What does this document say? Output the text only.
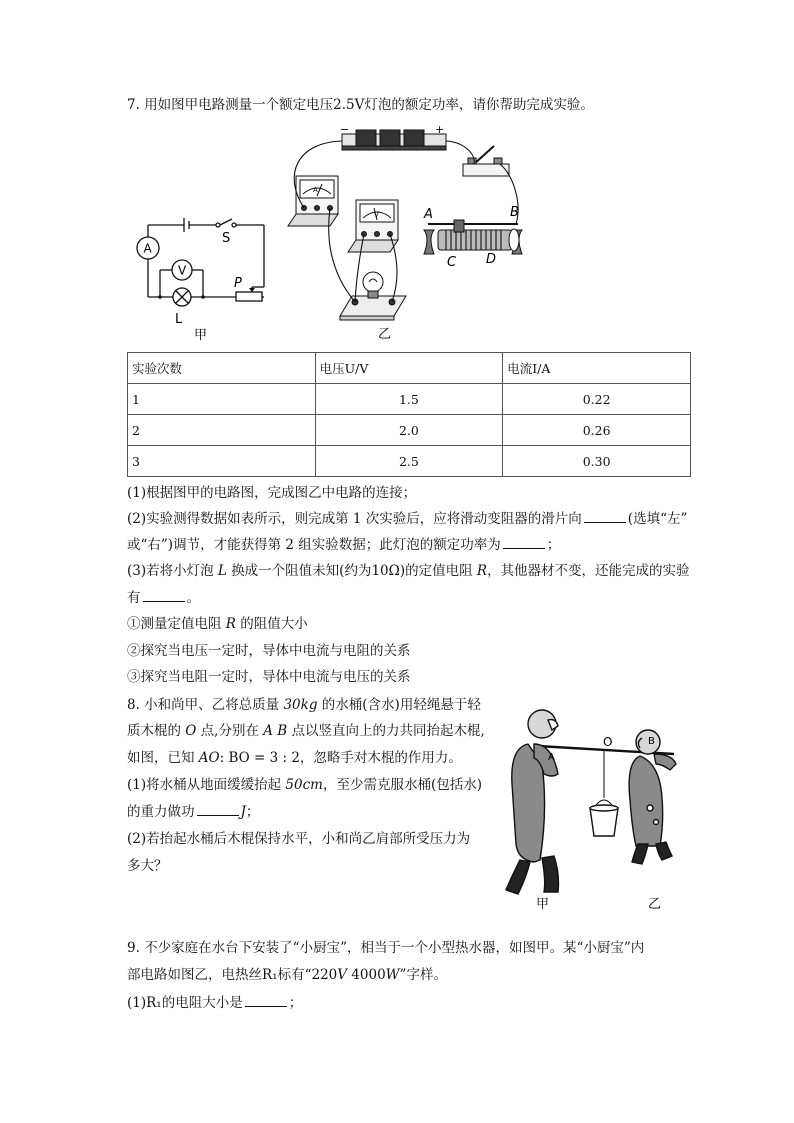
7. 用如图甲电路测量一个额定电压2.5V灯泡的额定功率，请你帮助完成实验。
A
V
S
P
L
甲
−	+
A
V	A	B
C D
乙
实验次数	电压U/V	电流I/A
1	1.5	0.22
2	2.0	0.26
3	2.5	0.30
(1)根据图甲的电路图，完成图乙中电路的连接；
(2)实验测得数据如表所示，则完成第 1 次实验后，应将滑动变阻器的滑片向	(选填“左”
或“右”)调节，才能获得第 2 组实验数据；此灯泡的额定功率为	；
(3)若将小灯泡 L 换成一个阻值未知(约为10Ω)的定值电阻 R，其他器材不变，还能完成的实验
有	。
①测量定值电阻 R 的阻值大小
②探究当电压一定时，导体中电流与电阻的关系
③探究当电阻一定时，导体中电流与电压的关系
8. 小和尚甲、乙将总质量 30kg 的水桶(含水)用轻绳悬于轻
质木棍的 O 点,分别在 A B 点以竖直向上的力共同抬起木棍,
如图，已知 AO: BO = 3 : 2，忽略手对木棍的作用力。
(1)将水桶从地面缓缓抬起 50cm，至少需克服水桶(包括水)
的重力做功	J；
(2)若抬起水桶后木棍保持水平，小和尚乙肩部所受压力为
多大？
O
A
B
甲	乙
9. 不少家庭在水台下安装了“小厨宝”，相当于一个小型热水器，如图甲。某“小厨宝”内
部电路如图乙，电热丝R₁标有“220V 4000W”字样。
(1)R₁的电阻大小是	；
